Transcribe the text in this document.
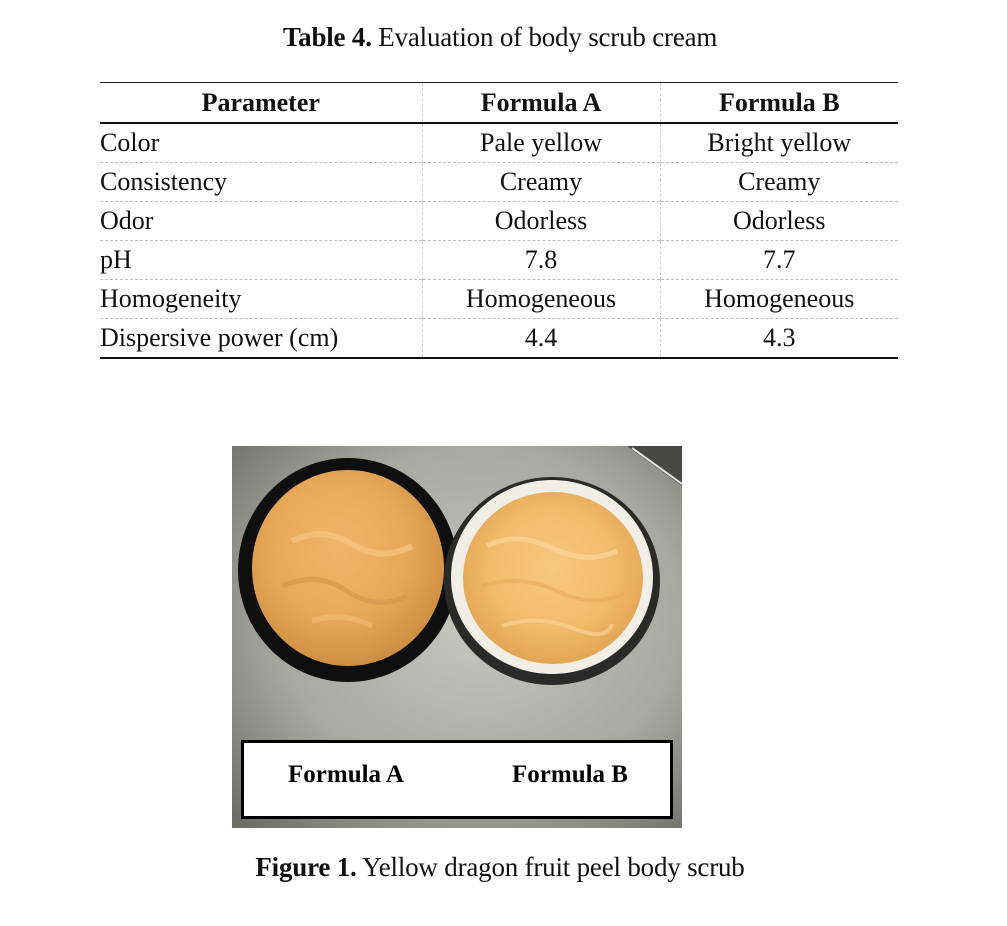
Table 4. Evaluation of body scrub cream
Parameter	Formula A	Formula B
Color	Pale yellow	Bright yellow
Consistency	Creamy	Creamy
Odor	Odorless	Odorless
pH	7.8	7.7
Homogeneity	Homogeneous	Homogeneous
Dispersive power (cm)	4.4	4.3
Formula A	Formula B
Figure 1. Yellow dragon fruit peel body scrub
